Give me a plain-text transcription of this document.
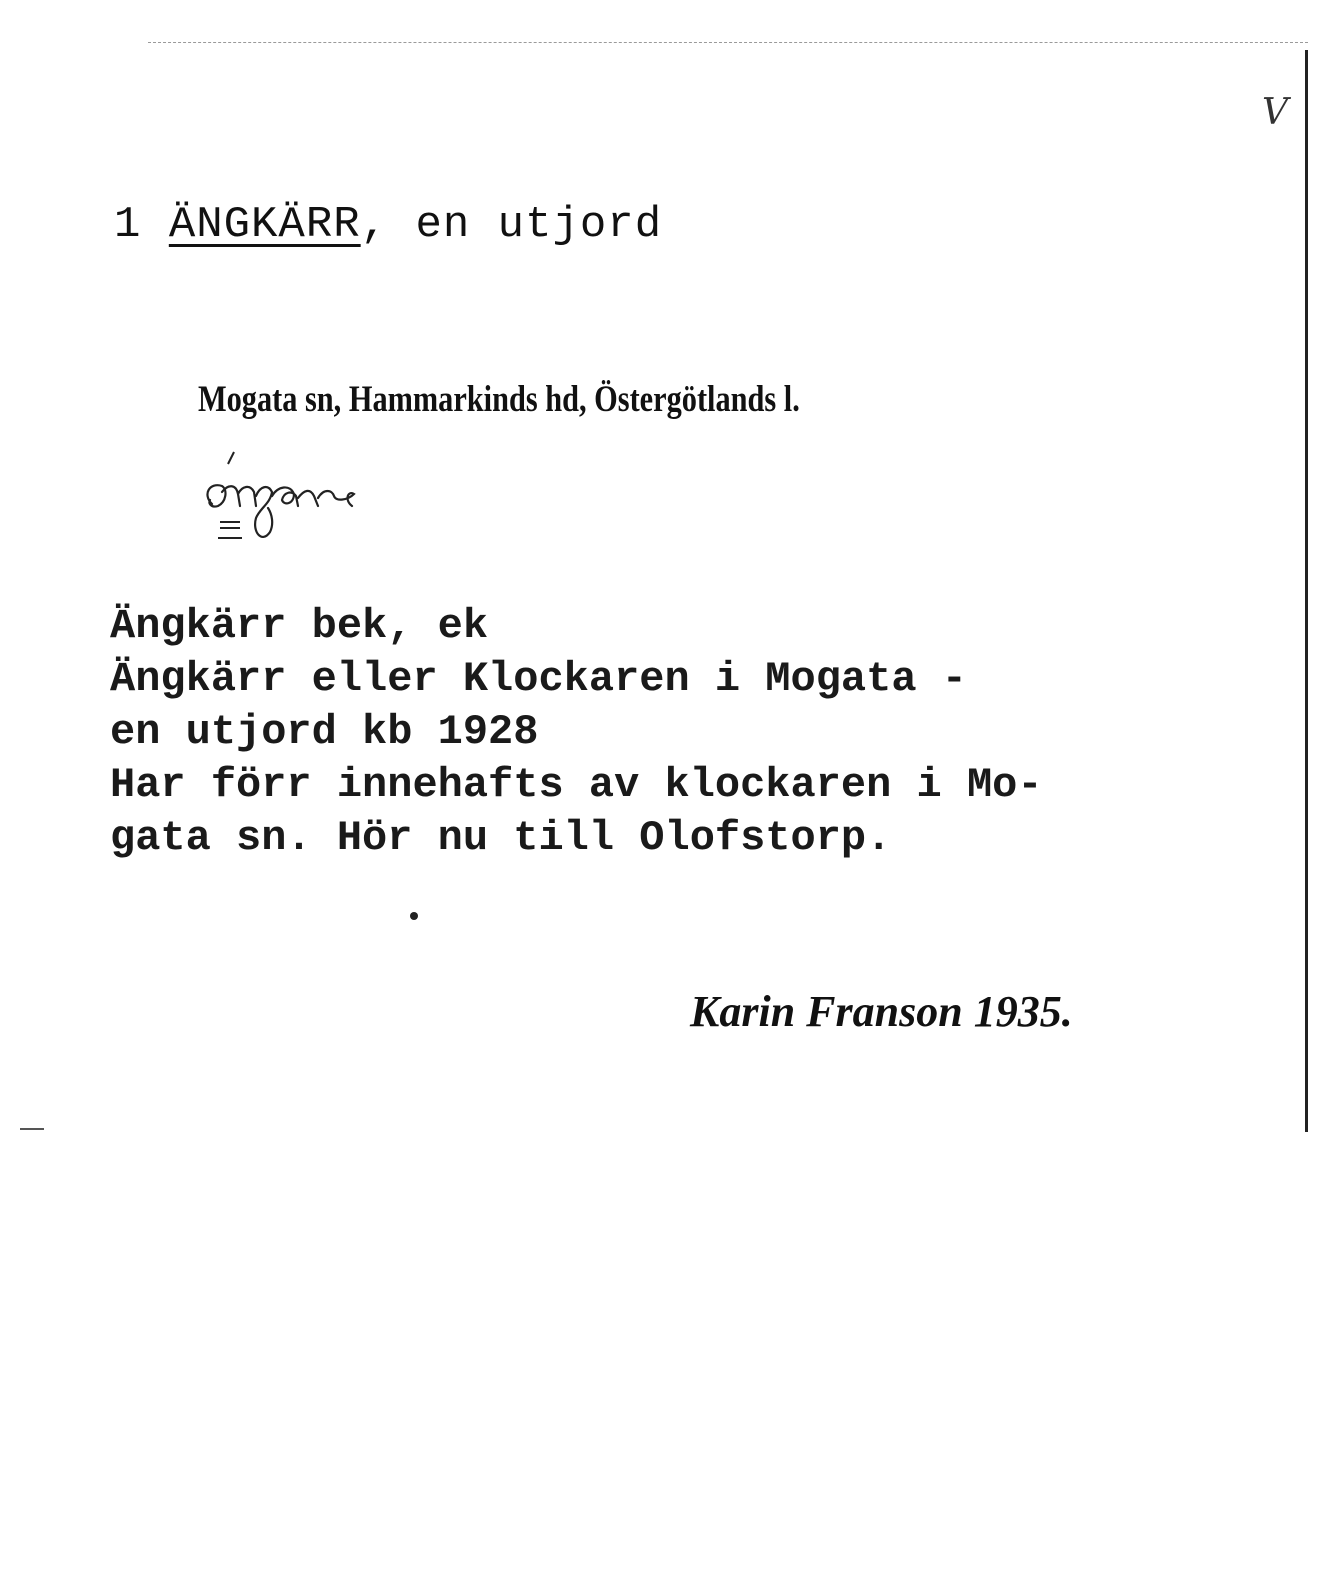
V
1 ÄNGKÄRR, en utjord
Mogata sn, Hammarkinds hd, Östergötlands l.
ängjär
Ängkärr bek, ek
Ängkärr eller Klockaren i Mogata -
en utjord kb 1928
Har förr innehafts av klockaren i Mo-
gata sn. Hör nu till Olofstorp.
Karin Franson 1935.
